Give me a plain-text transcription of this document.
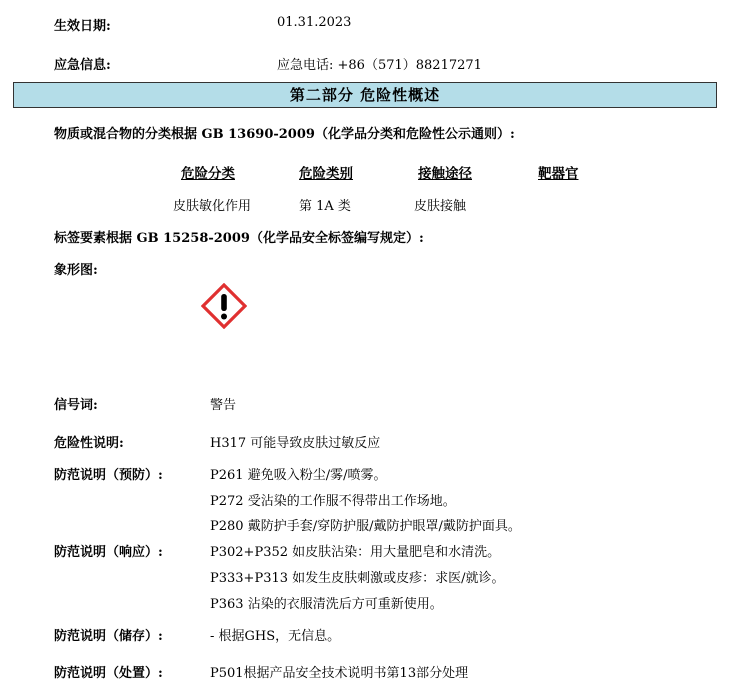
生效日期:	01.31.2023
应急信息:	应急电话: +86（571）88217271
第二部分 危险性概述
物质或混合物的分类根据 GB 13690-2009（化学品分类和危险性公示通则）:
危险分类	危险类别	接触途径	靶器官
皮肤敏化作用	第 1A 类	皮肤接触
标签要素根据 GB 15258-2009（化学品安全标签编写规定）:
象形图:
信号词:	警告
危险性说明:	H317 可能导致皮肤过敏反应
防范说明（预防）:	P261 避免吸入粉尘/雾/喷雾。
P272 受沾染的工作服不得带出工作场地。
P280 戴防护手套/穿防护服/戴防护眼罩/戴防护面具。
防范说明（响应）:	P302+P352 如皮肤沾染：用大量肥皂和水清洗。
P333+P313 如发生皮肤刺激或皮疹：求医/就诊。
P363 沾染的衣服清洗后方可重新使用。
防范说明（储存）:	- 根据GHS，无信息。
防范说明（处置）:	P501根据产品安全技术说明书第13部分处理
